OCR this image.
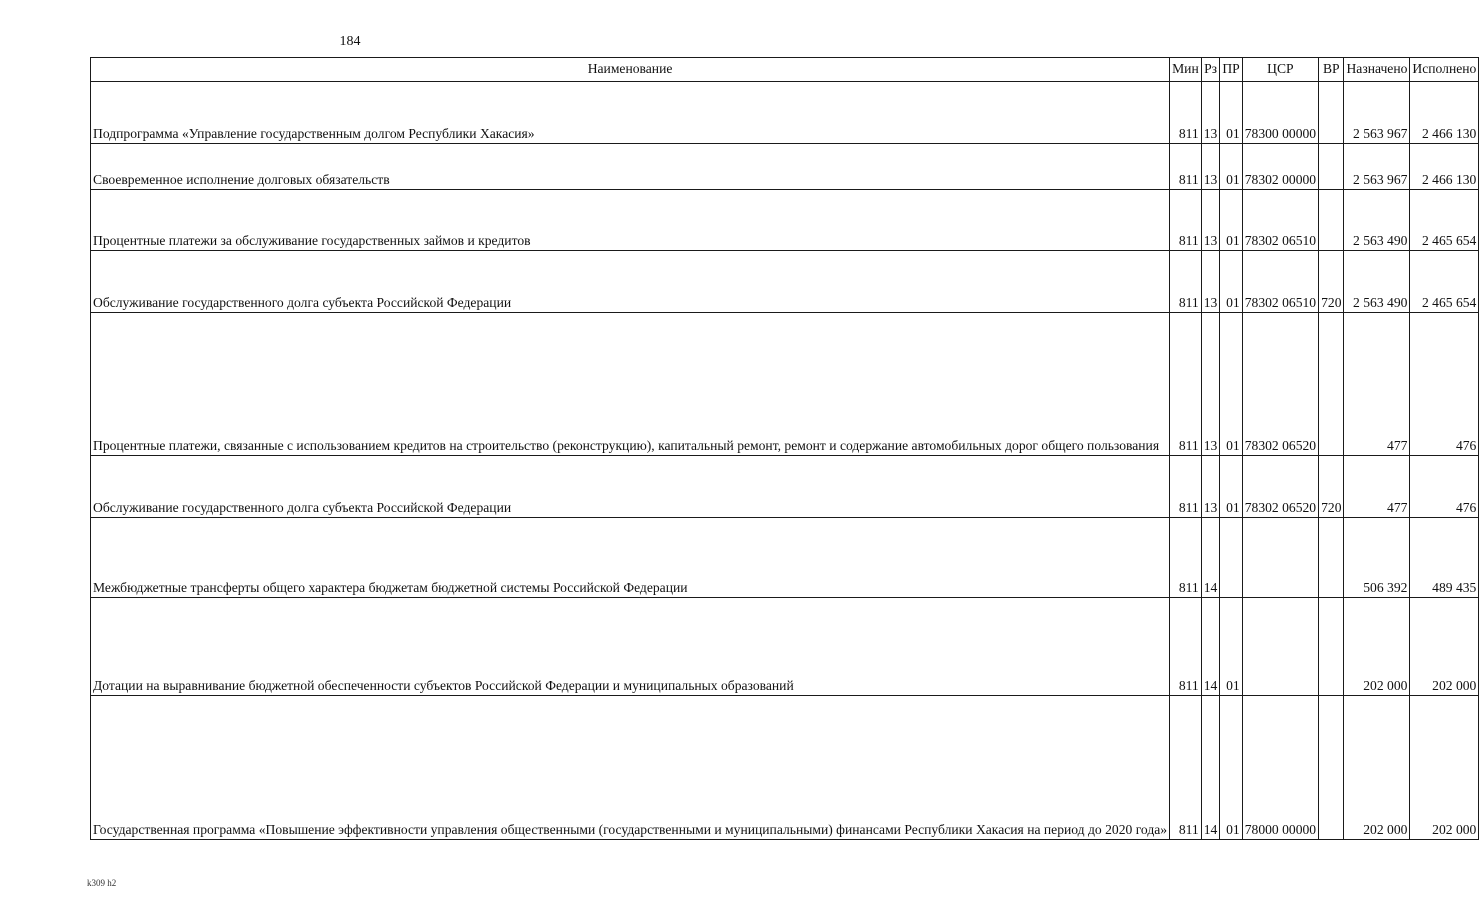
184
Наименование	Мин	Рз	ПР	ЦСР	ВР	Назначено	Исполнено
Подпрограмма «Управление государственным долгом Республики Хакасия»	811	13	01	78300 00000		2 563 967	2 466 130
Своевременное исполнение долговых обязательств	811	13	01	78302 00000		2 563 967	2 466 130
Процентные платежи за обслуживание государственных займов и кредитов	811	13	01	78302 06510		2 563 490	2 465 654
Обслуживание государственного долга субъекта Российской Федерации	811	13	01	78302 06510	720	2 563 490	2 465 654
Процентные платежи, связанные с использованием кредитов на строительство (реконструкцию), капитальный ремонт, ремонт и содержание автомобильных дорог общего пользования	811	13	01	78302 06520		477	476
Обслуживание государственного долга субъекта Российской Федерации	811	13	01	78302 06520	720	477	476
Межбюджетные трансферты общего характера бюджетам бюджетной системы Российской Федерации	811	14				506 392	489 435
Дотации на выравнивание бюджетной обеспеченности субъектов Российской Федерации и муниципальных образований	811	14	01			202 000	202 000
Государственная программа «Повышение эффективности управления общественными (государственными и муниципальными) финансами Республики Хакасия на период до 2020 года»	811	14	01	78000 00000		202 000	202 000
k309 h2
